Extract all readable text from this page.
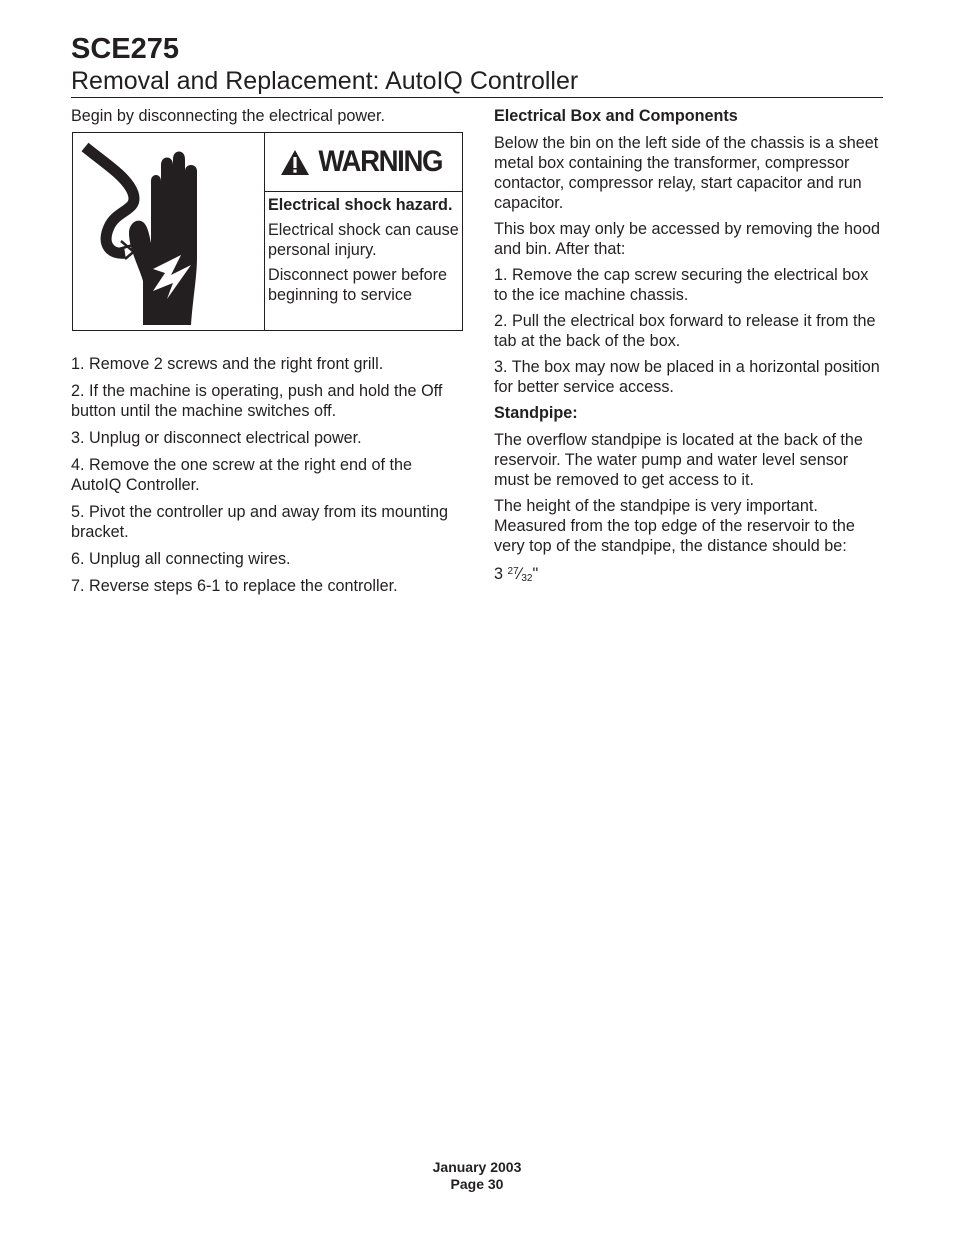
SCE275
Removal and Replacement: AutoIQ Controller

Begin by disconnecting the electrical power.

WARNING

Electrical shock hazard.

Electrical shock can cause personal injury.

Disconnect power before beginning to service

1. Remove 2 screws and the right front grill.

2. If the machine is operating, push and hold the Off button until the machine switches off.

3. Unplug or disconnect electrical power.

4. Remove the one screw at the right end of the AutoIQ Controller.

5. Pivot the controller up and away from its mounting bracket.

6. Unplug all connecting wires.

7. Reverse steps 6-1 to replace the controller.

Electrical Box and Components

Below the bin on the left side of the chassis is a sheet metal box containing the transformer, compressor contactor, compressor relay, start capacitor and run capacitor.

This box may only be accessed by removing the hood and bin. After that:

1. Remove the cap screw securing the electrical box to the ice machine chassis.

2. Pull the electrical box forward to release it from the tab at the back of the box.

3. The box may now be placed in a horizontal position for better service access.

Standpipe:

The overflow standpipe is located at the back of the reservoir. The water pump and water level sensor must be removed to get access to it.

The height of the standpipe is very important. Measured from the top edge of the reservoir to the very top of the standpipe, the distance should be:

3 $^{27}$⁄32"

January 2003
Page 30
